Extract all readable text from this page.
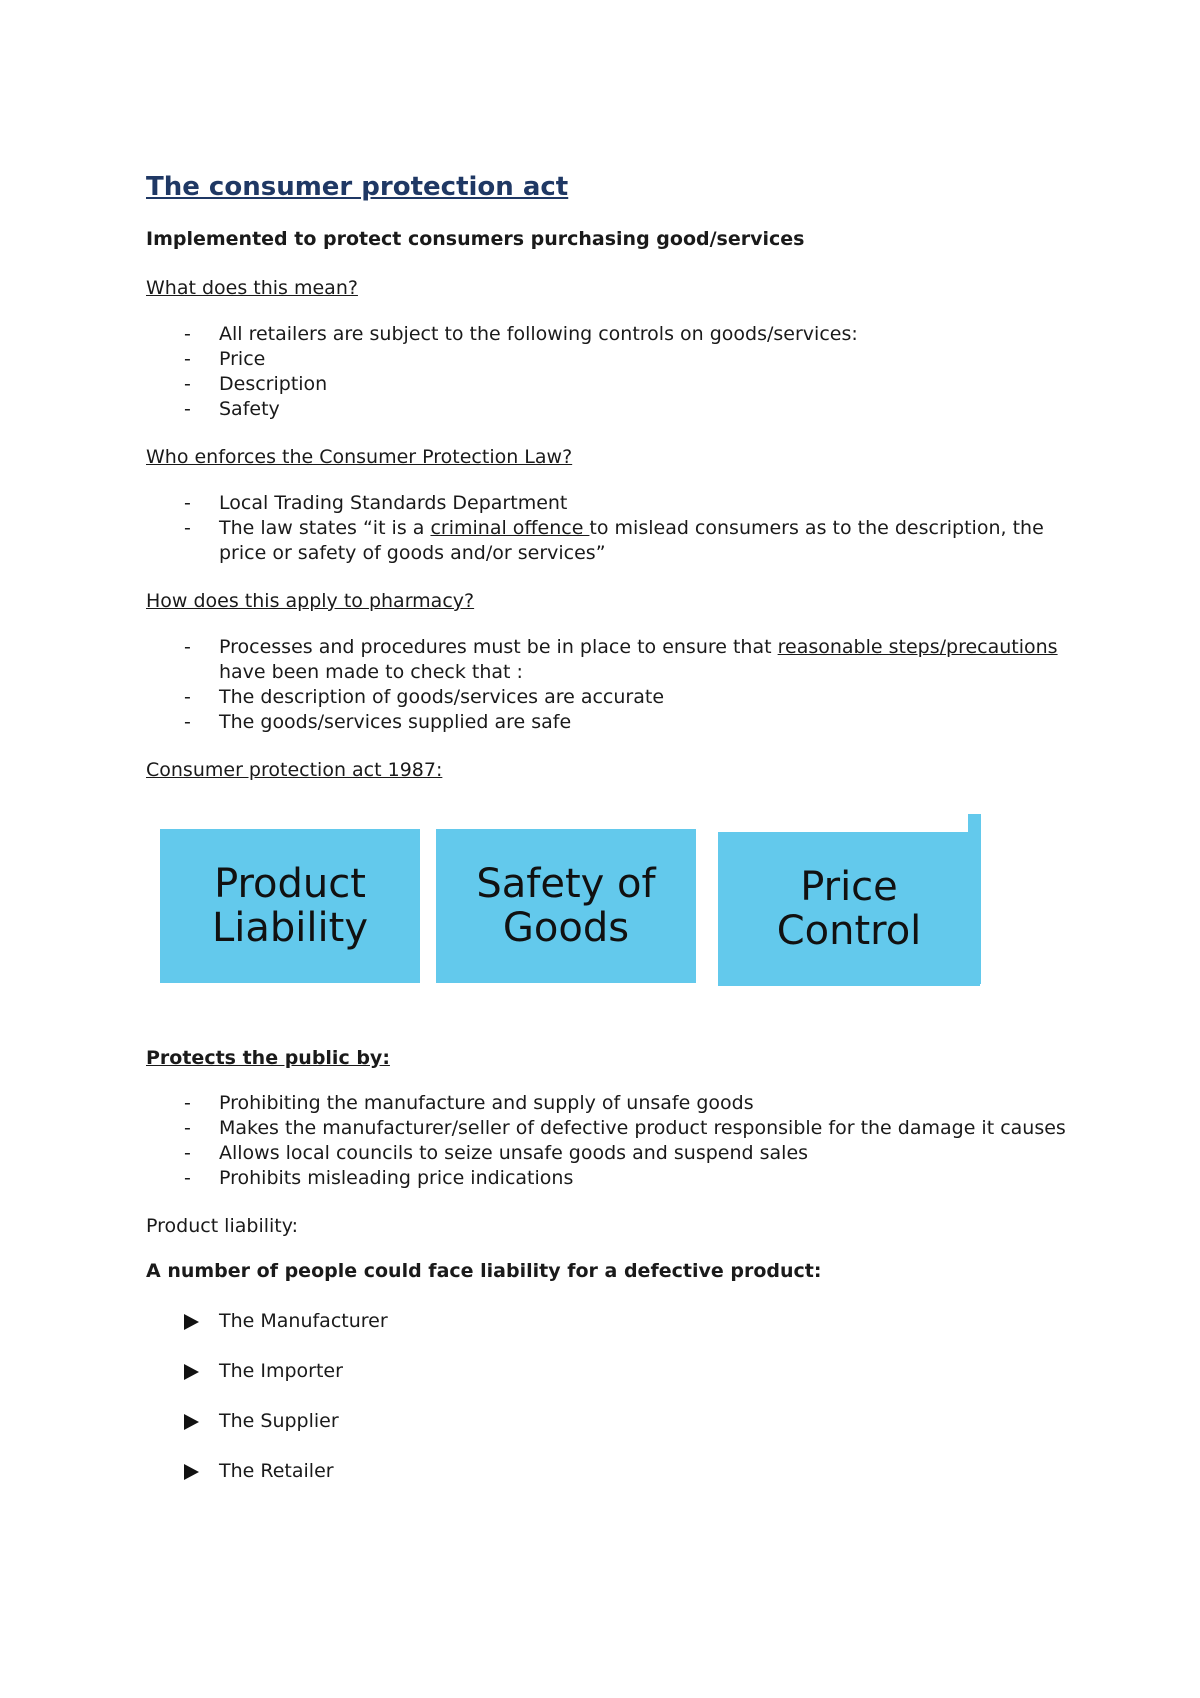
The consumer protection act
Implemented to protect consumers purchasing good/services
What does this mean?
- All retailers are subject to the following controls on goods/services:
- Price
- Description
- Safety
Who enforces the Consumer Protection Law?
- Local Trading Standards Department
- The law states “it is a criminal offence to mislead consumers as to the description, the price or safety of goods and/or services”
How does this apply to pharmacy?
- Processes and procedures must be in place to ensure that reasonable steps/precautions have been made to check that :
- The description of goods/services are accurate
- The goods/services supplied are safe
Consumer protection act 1987:
Product
Liability
Safety of
Goods
Price
Control
Protects the public by:
- Prohibiting the manufacture and supply of unsafe goods
- Makes the manufacturer/seller of defective product responsible for the damage it causes
- Allows local councils to seize unsafe goods and suspend sales
- Prohibits misleading price indications
Product liability:
A number of people could face liability for a defective product:
The Manufacturer
The Importer
The Supplier
The Retailer
